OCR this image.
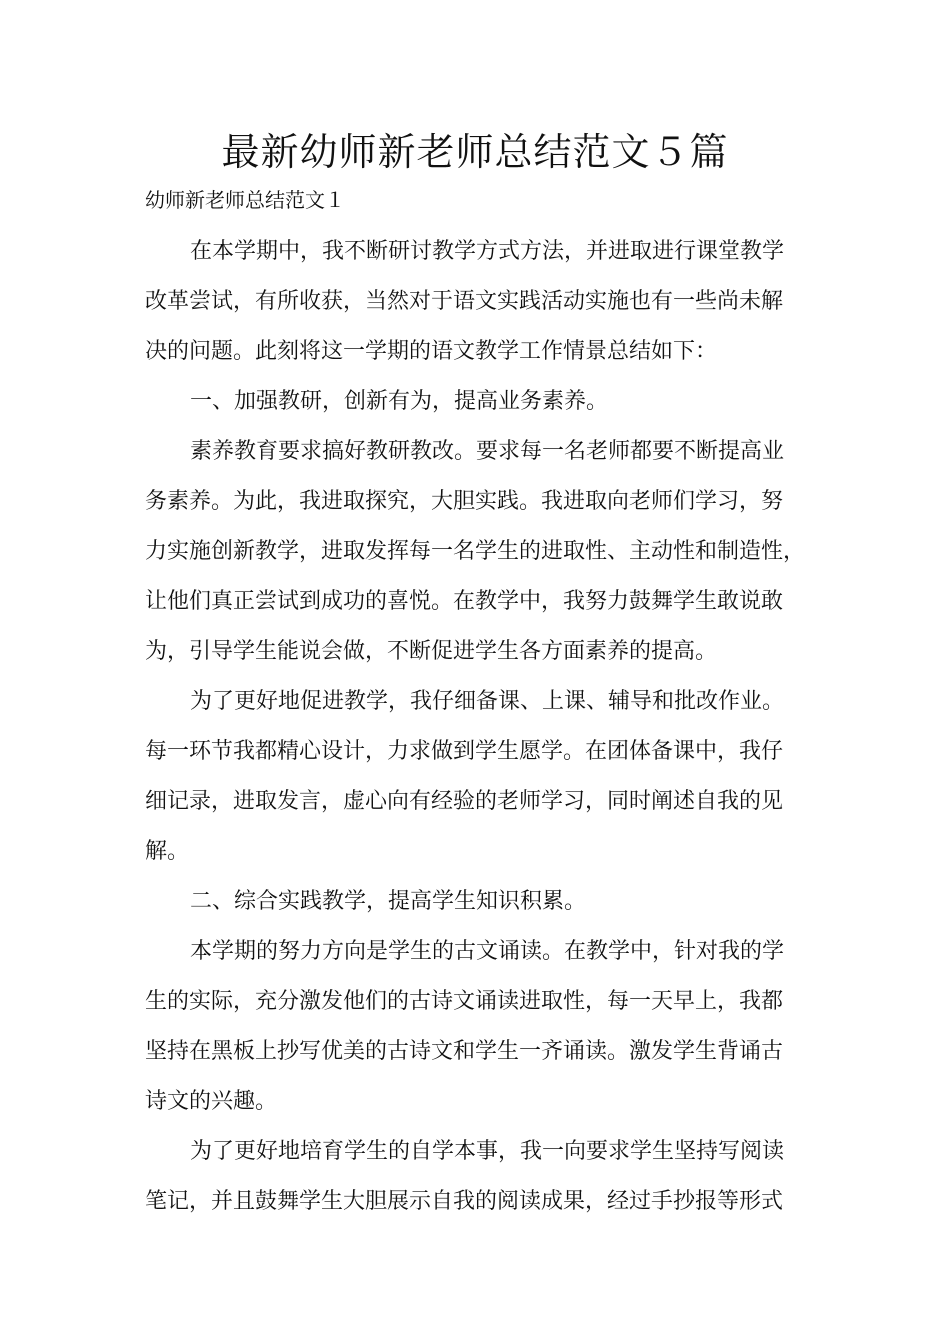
最新幼师新老师总结范文５篇
幼师新老师总结范文１
在本学期中，我不断研讨教学方式方法，并进取进行课堂教学
改革尝试，有所收获，当然对于语文实践活动实施也有一些尚未解
决的问题。此刻将这一学期的语文教学工作情景总结如下：
一、加强教研，创新有为，提高业务素养。
素养教育要求搞好教研教改。要求每一名老师都要不断提高业
务素养。为此，我进取探究，大胆实践。我进取向老师们学习，努
力实施创新教学，进取发挥每一名学生的进取性、主动性和制造性，
让他们真正尝试到成功的喜悦。在教学中，我努力鼓舞学生敢说敢
为，引导学生能说会做，不断促进学生各方面素养的提高。
为了更好地促进教学，我仔细备课、上课、辅导和批改作业。
每一环节我都精心设计，力求做到学生愿学。在团体备课中，我仔
细记录，进取发言，虚心向有经验的老师学习，同时阐述自我的见
解。
二、综合实践教学，提高学生知识积累。
本学期的努力方向是学生的古文诵读。在教学中，针对我的学
生的实际，充分激发他们的古诗文诵读进取性，每一天早上，我都
坚持在黑板上抄写优美的古诗文和学生一齐诵读。激发学生背诵古
诗文的兴趣。
为了更好地培育学生的自学本事，我一向要求学生坚持写阅读
笔记，并且鼓舞学生大胆展示自我的阅读成果，经过手抄报等形式
